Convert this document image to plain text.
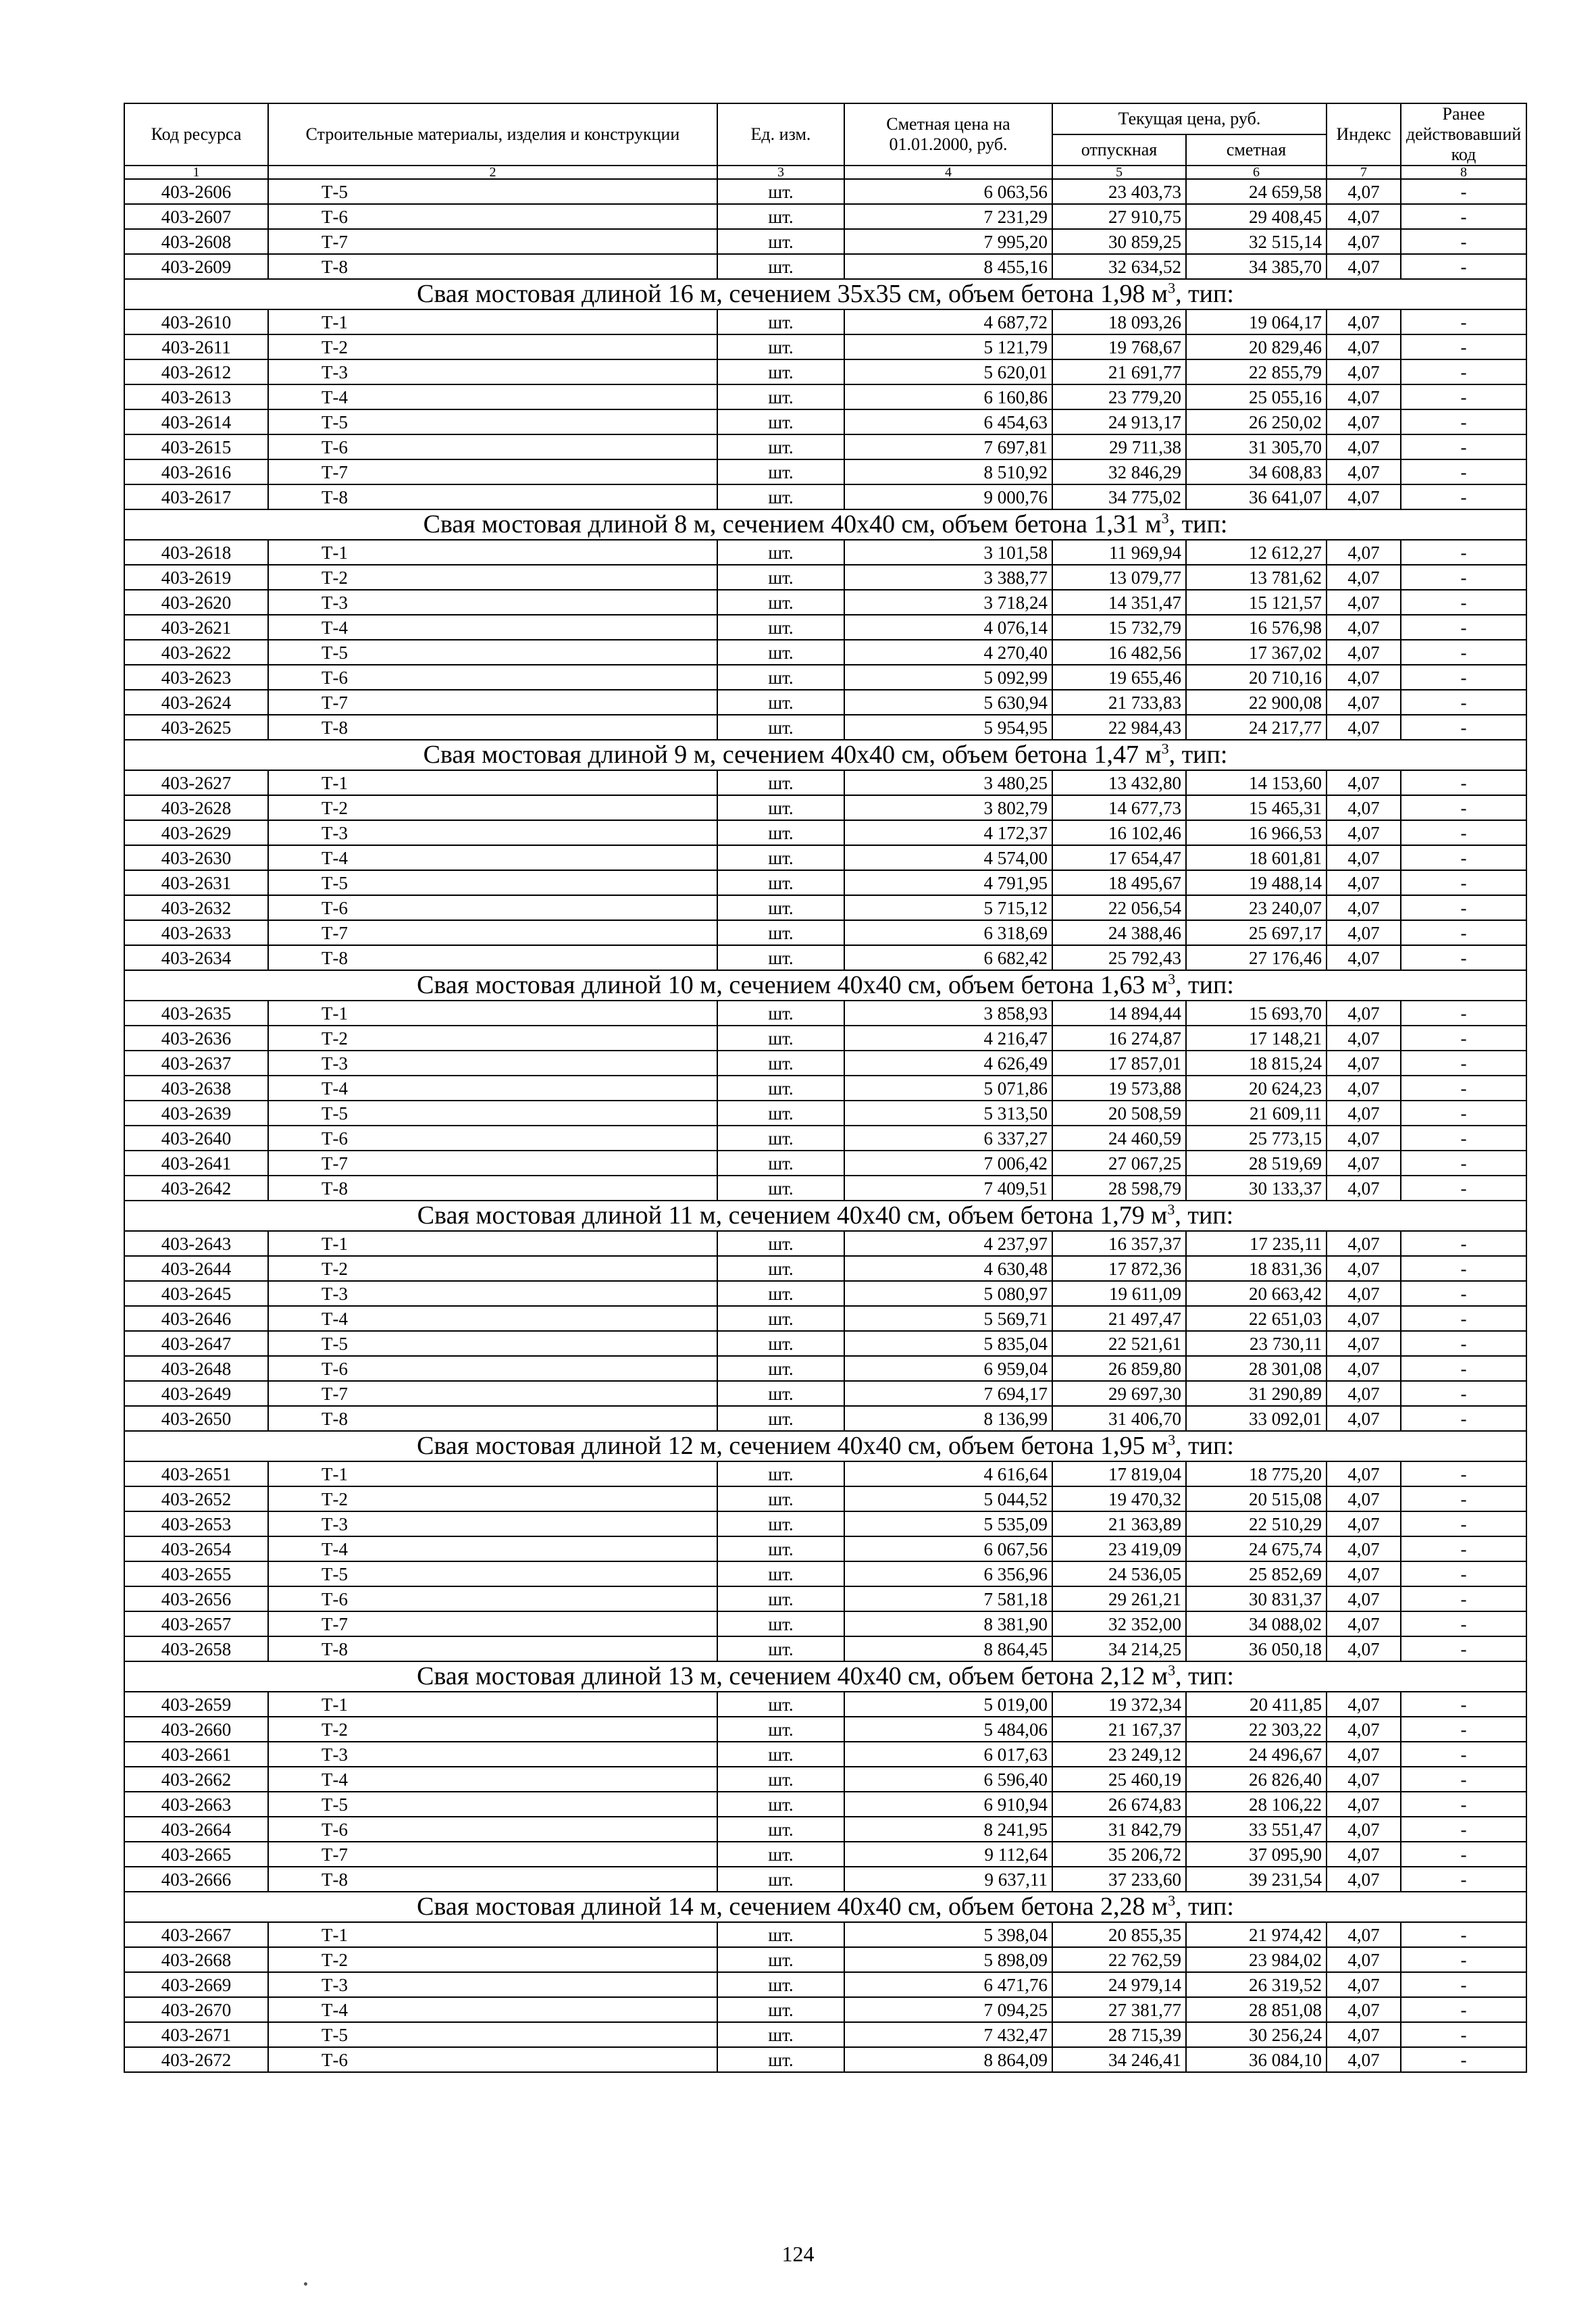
Код ресурса	Строительные материалы, изделия и конструкции	Ед. изм.	Сметная цена на 01.01.2000, руб.	Текущая цена, руб.		Индекс	Ранее действовавший код
				отпускная	сметная		
1	2	3	4	5	6	7	8
403-2606	Т-5	шт.	6 063,56	23 403,73	24 659,58	4,07	-
403-2607	Т-6	шт.	7 231,29	27 910,75	29 408,45	4,07	-
403-2608	Т-7	шт.	7 995,20	30 859,25	32 515,14	4,07	-
403-2609	Т-8	шт.	8 455,16	32 634,52	34 385,70	4,07	-
Свая мостовая длиной 16 м, сечением 35х35 см, объем бетона 1,98 $м^3$, тип:							
403-2610	Т-1	шт.	4 687,72	18 093,26	19 064,17	4,07	-
403-2611	Т-2	шт.	5 121,79	19 768,67	20 829,46	4,07	-
403-2612	Т-3	шт.	5 620,01	21 691,77	22 855,79	4,07	-
403-2613	Т-4	шт.	6 160,86	23 779,20	25 055,16	4,07	-
403-2614	Т-5	шт.	6 454,63	24 913,17	26 250,02	4,07	-
403-2615	Т-6	шт.	7 697,81	29 711,38	31 305,70	4,07	-
403-2616	Т-7	шт.	8 510,92	32 846,29	34 608,83	4,07	-
403-2617	Т-8	шт.	9 000,76	34 775,02	36 641,07	4,07	-
Свая мостовая длиной 8 м, сечением 40х40 см, объем бетона 1,31 $м^3$, тип:							
403-2618	Т-1	шт.	3 101,58	11 969,94	12 612,27	4,07	-
403-2619	Т-2	шт.	3 388,77	13 079,77	13 781,62	4,07	-
403-2620	Т-3	шт.	3 718,24	14 351,47	15 121,57	4,07	-
403-2621	Т-4	шт.	4 076,14	15 732,79	16 576,98	4,07	-
403-2622	Т-5	шт.	4 270,40	16 482,56	17 367,02	4,07	-
403-2623	Т-6	шт.	5 092,99	19 655,46	20 710,16	4,07	-
403-2624	Т-7	шт.	5 630,94	21 733,83	22 900,08	4,07	-
403-2625	Т-8	шт.	5 954,95	22 984,43	24 217,77	4,07	-
Свая мостовая длиной 9 м, сечением 40х40 см, объем бетона 1,47 $м^3$, тип:							
403-2627	Т-1	шт.	3 480,25	13 432,80	14 153,60	4,07	-
403-2628	Т-2	шт.	3 802,79	14 677,73	15 465,31	4,07	-
403-2629	Т-3	шт.	4 172,37	16 102,46	16 966,53	4,07	-
403-2630	Т-4	шт.	4 574,00	17 654,47	18 601,81	4,07	-
403-2631	Т-5	шт.	4 791,95	18 495,67	19 488,14	4,07	-
403-2632	Т-6	шт.	5 715,12	22 056,54	23 240,07	4,07	-
403-2633	Т-7	шт.	6 318,69	24 388,46	25 697,17	4,07	-
403-2634	Т-8	шт.	6 682,42	25 792,43	27 176,46	4,07	-
Свая мостовая длиной 10 м, сечением 40х40 см, объем бетона 1,63 $м^3$, тип:							
403-2635	Т-1	шт.	3 858,93	14 894,44	15 693,70	4,07	-
403-2636	Т-2	шт.	4 216,47	16 274,87	17 148,21	4,07	-
403-2637	Т-3	шт.	4 626,49	17 857,01	18 815,24	4,07	-
403-2638	Т-4	шт.	5 071,86	19 573,88	20 624,23	4,07	-
403-2639	Т-5	шт.	5 313,50	20 508,59	21 609,11	4,07	-
403-2640	Т-6	шт.	6 337,27	24 460,59	25 773,15	4,07	-
403-2641	Т-7	шт.	7 006,42	27 067,25	28 519,69	4,07	-
403-2642	Т-8	шт.	7 409,51	28 598,79	30 133,37	4,07	-
Свая мостовая длиной 11 м, сечением 40х40 см, объем бетона 1,79 $м^3$, тип:							
403-2643	Т-1	шт.	4 237,97	16 357,37	17 235,11	4,07	-
403-2644	Т-2	шт.	4 630,48	17 872,36	18 831,36	4,07	-
403-2645	Т-3	шт.	5 080,97	19 611,09	20 663,42	4,07	-
403-2646	Т-4	шт.	5 569,71	21 497,47	22 651,03	4,07	-
403-2647	Т-5	шт.	5 835,04	22 521,61	23 730,11	4,07	-
403-2648	Т-6	шт.	6 959,04	26 859,80	28 301,08	4,07	-
403-2649	Т-7	шт.	7 694,17	29 697,30	31 290,89	4,07	-
403-2650	Т-8	шт.	8 136,99	31 406,70	33 092,01	4,07	-
Свая мостовая длиной 12 м, сечением 40х40 см, объем бетона 1,95 $м^3$, тип:							
403-2651	Т-1	шт.	4 616,64	17 819,04	18 775,20	4,07	-
403-2652	Т-2	шт.	5 044,52	19 470,32	20 515,08	4,07	-
403-2653	Т-3	шт.	5 535,09	21 363,89	22 510,29	4,07	-
403-2654	Т-4	шт.	6 067,56	23 419,09	24 675,74	4,07	-
403-2655	Т-5	шт.	6 356,96	24 536,05	25 852,69	4,07	-
403-2656	Т-6	шт.	7 581,18	29 261,21	30 831,37	4,07	-
403-2657	Т-7	шт.	8 381,90	32 352,00	34 088,02	4,07	-
403-2658	Т-8	шт.	8 864,45	34 214,25	36 050,18	4,07	-
Свая мостовая длиной 13 м, сечением 40х40 см, объем бетона 2,12 $м^3$, тип:							
403-2659	Т-1	шт.	5 019,00	19 372,34	20 411,85	4,07	-
403-2660	Т-2	шт.	5 484,06	21 167,37	22 303,22	4,07	-
403-2661	Т-3	шт.	6 017,63	23 249,12	24 496,67	4,07	-
403-2662	Т-4	шт.	6 596,40	25 460,19	26 826,40	4,07	-
403-2663	Т-5	шт.	6 910,94	26 674,83	28 106,22	4,07	-
403-2664	Т-6	шт.	8 241,95	31 842,79	33 551,47	4,07	-
403-2665	Т-7	шт.	9 112,64	35 206,72	37 095,90	4,07	-
403-2666	Т-8	шт.	9 637,11	37 233,60	39 231,54	4,07	-
Свая мостовая длиной 14 м, сечением 40х40 см, объем бетона 2,28 $м^3$, тип:							
403-2667	Т-1	шт.	5 398,04	20 855,35	21 974,42	4,07	-
403-2668	Т-2	шт.	5 898,09	22 762,59	23 984,02	4,07	-
403-2669	Т-3	шт.	6 471,76	24 979,14	26 319,52	4,07	-
403-2670	Т-4	шт.	7 094,25	27 381,77	28 851,08	4,07	-
403-2671	Т-5	шт.	7 432,47	28 715,39	30 256,24	4,07	-
403-2672	Т-6	шт.	8 864,09	34 246,41	36 084,10	4,07	-
124
